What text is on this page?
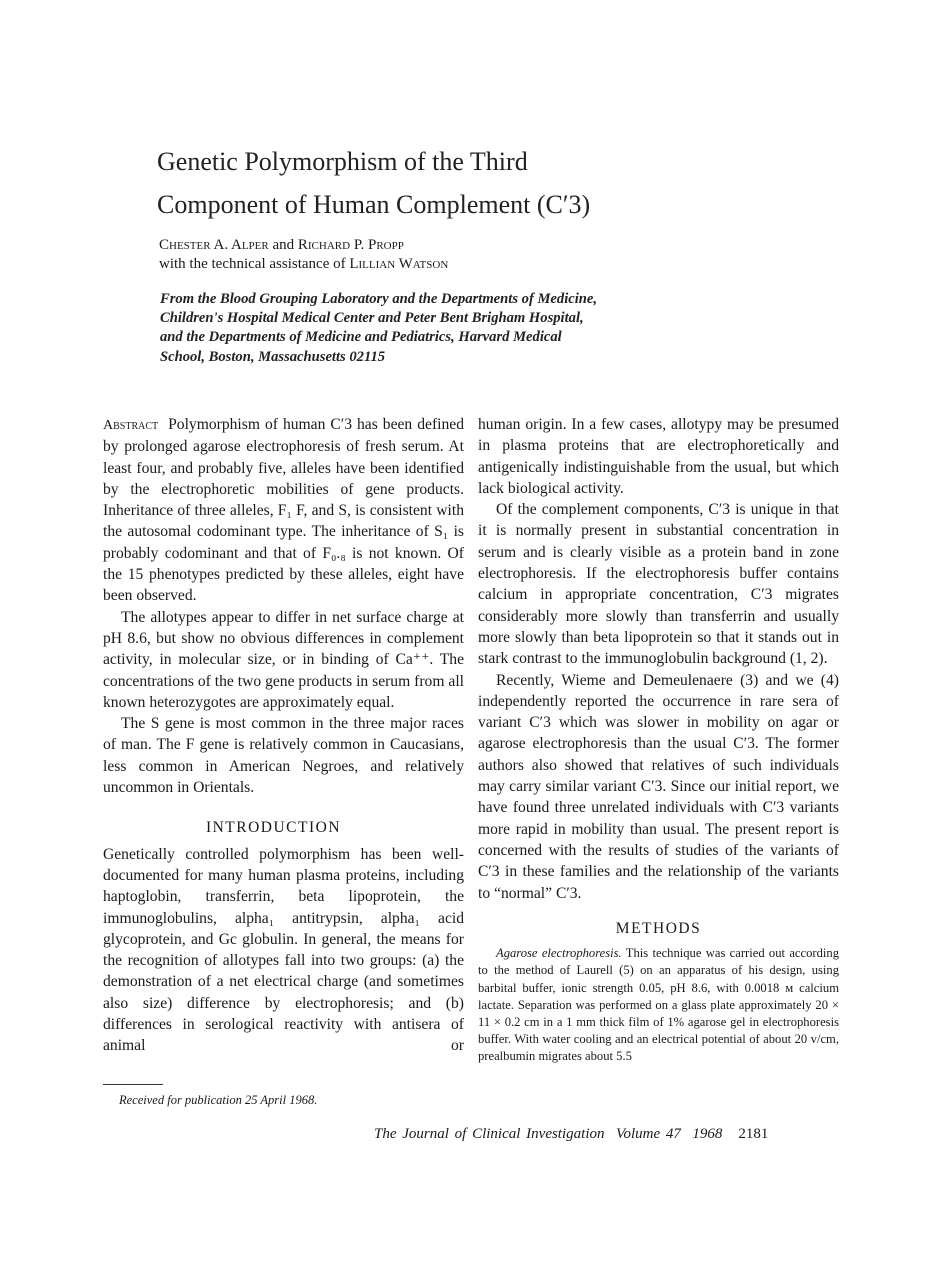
Genetic Polymorphism of the Third
Component of Human Complement (C′3)
Chester A. Alper and Richard P. Propp
with the technical assistance of Lillian Watson
From the Blood Grouping Laboratory and the Departments of Medicine,
Children's Hospital Medical Center and Peter Bent Brigham Hospital,
and the Departments of Medicine and Pediatrics, Harvard Medical
School, Boston, Massachusetts 02115

Abstract Polymorphism of human C′3 has been defined by prolonged agarose electrophoresis of fresh serum. At least four, and probably five, alleles have been identified by the electrophoretic mobilities of gene products. Inheritance of three alleles, F₁ F, and S, is consistent with the autosomal codominant type. The inheritance of S₁ is probably codominant and that of F₀.₈ is not known. Of the 15 phenotypes predicted by these alleles, eight have been observed.

The allotypes appear to differ in net surface charge at pH 8.6, but show no obvious differences in complement activity, in molecular size, or in binding of Ca⁺⁺. The concentrations of the two gene products in serum from all known heterozygotes are approximately equal.

The S gene is most common in the three major races of man. The F gene is relatively common in Caucasians, less common in American Negroes, and relatively uncommon in Orientals.

INTRODUCTION

Genetically controlled polymorphism has been well-documented for many human plasma proteins, including haptoglobin, transferrin, beta lipoprotein, the immunoglobulins, alpha₁ antitrypsin, alpha₁ acid glycoprotein, and Gc globulin. In general, the means for the recognition of allotypes fall into two groups: (a) the demonstration of a net electrical charge (and sometimes also size) difference by electrophoresis; and (b) differences in serological reactivity with antisera of animal or

human origin. In a few cases, allotypy may be presumed in plasma proteins that are electrophoretically and antigenically indistinguishable from the usual, but which lack biological activity.

Of the complement components, C′3 is unique in that it is normally present in substantial concentration in serum and is clearly visible as a protein band in zone electrophoresis. If the electrophoresis buffer contains calcium in appropriate concentration, C′3 migrates considerably more slowly than transferrin and usually more slowly than beta lipoprotein so that it stands out in stark contrast to the immunoglobulin background (1, 2).

Recently, Wieme and Demeulenaere (3) and we (4) independently reported the occurrence in rare sera of variant C′3 which was slower in mobility on agar or agarose electrophoresis than the usual C′3. The former authors also showed that relatives of such individuals may carry similar variant C′3. Since our initial report, we have found three unrelated individuals with C′3 variants more rapid in mobility than usual. The present report is concerned with the results of studies of the variants of C′3 in these families and the relationship of the variants to “normal” C′3.

METHODS

Agarose electrophoresis. This technique was carried out according to the method of Laurell (5) on an apparatus of his design, using barbital buffer, ionic strength 0.05, pH 8.6, with 0.0018 ᴍ calcium lactate. Separation was performed on a glass plate approximately 20 × 11 × 0.2 cm in a 1 mm thick film of 1% agarose gel in electrophoresis buffer. With water cooling and an electrical potential of about 20 v/cm, prealbumin migrates about 5.5

Received for publication 25 April 1968.
The Journal of Clinical Investigation Volume 47 1968 2181
